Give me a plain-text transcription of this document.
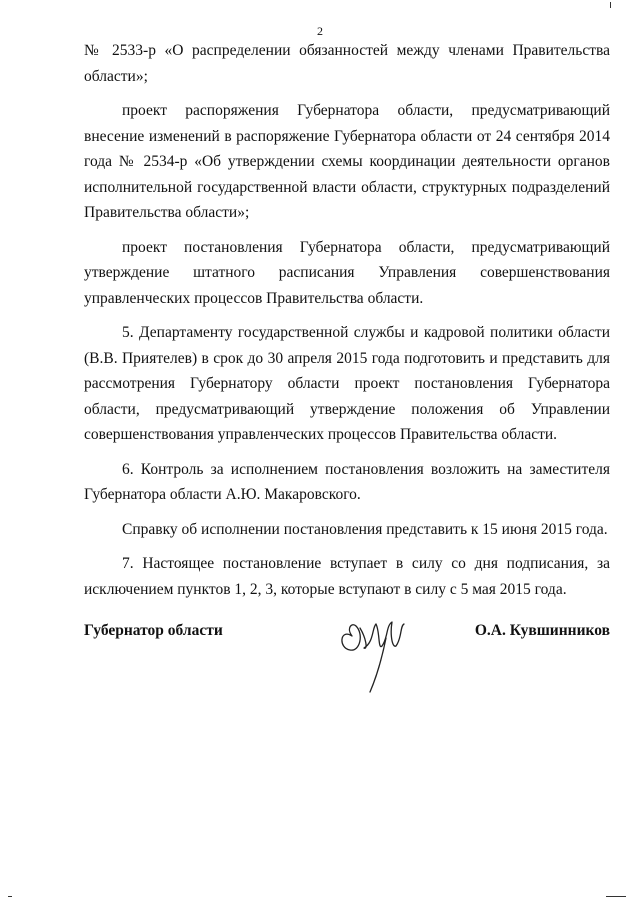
2

№ 2533-р «О распределении обязанностей между членами Правительства области»;

проект распоряжения Губернатора области, предусматривающий внесение изменений в распоряжение Губернатора области от 24 сентября 2014 года № 2534-р «Об утверждении схемы координации деятельности органов исполнительной государственной власти области, структурных подразделений Правительства области»;

проект постановления Губернатора области, предусматривающий утверждение штатного расписания Управления совершенствования управленческих процессов Правительства области.

5. Департаменту государственной службы и кадровой политики области (В.В. Приятелев) в срок до 30 апреля 2015 года подготовить и представить для рассмотрения Губернатору области проект постановления Губернатора области, предусматривающий утверждение положения об Управлении совершенствования управленческих процессов Правительства области.

6. Контроль за исполнением постановления возложить на заместителя Губернатора области А.Ю. Макаровского.

Справку об исполнении постановления представить к 15 июня 2015 года.

7. Настоящее постановление вступает в силу со дня подписания, за исключением пунктов 1, 2, 3, которые вступают в силу с 5 мая 2015 года.

Губернатор области	О.А. Кувшинников
